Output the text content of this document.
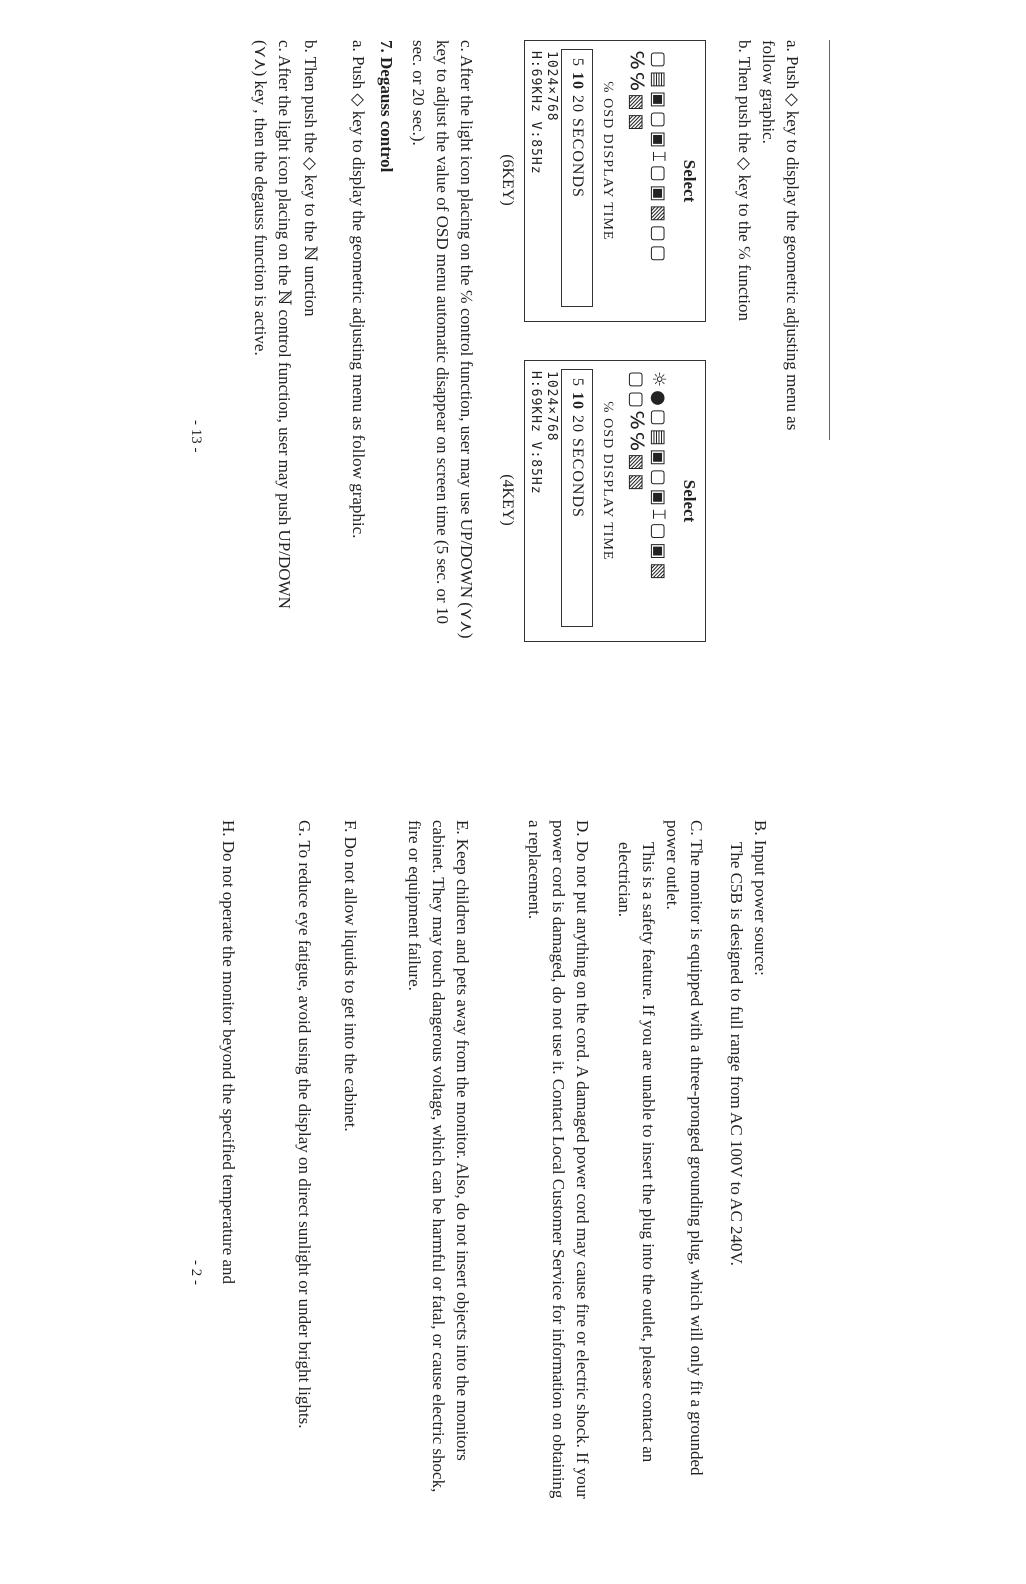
a. Push ◇ key to display the geometric adjusting menu as follow graphic.

b. Then push the ◇ key to the ℅ function

Select
▢▤▣▢▣⌶▢▣▧▢▢
℅℅▧▧
℅ OSD DISPLAY TIME
5 10 20 SECONDS
1024×768
H:69KHz V:85Hz
(6KEY)
Select
☼●▢▤▣▢▣⌶▢▣▧
▢▢℅℅▧▧
℅ OSD DISPLAY TIME
5 10 20 SECONDS
1024×768
H:69KHz V:85Hz
(4KEY)

c. After the light icon placing on the ℅ control function, user may use UP/DOWN (⋎⋏) key to adjust the value of OSD menu automatic disappear on screen time (5 sec. or 10 sec. or 20 sec.).

7. Degauss control

a. Push ◇ key to display the geometric adjusting menu as follow graphic.

b. Then push the ◇ key to the ℕ unction

c. After the light icon placing on the ℕ control function, user may push UP/DOWN (⋎⋏) key , then the degauss function is active.

- 13 -

B. Input power source:

The C5B is designed to full range from AC 100V to AC 240V.

C. The monitor is equipped with a three-pronged grounding plug, which will only fit a grounded power outlet.

This is a safety feature. If you are unable to insert the plug into the outlet, please contact an electrician.

D. Do not put anything on the cord. A damaged power cord may cause fire or electric shock. If your power cord is damaged, do not use it. Contact Local Customer Service for information on obtaining a replacement.

E. Keep children and pets away from the monitor. Also, do not insert objects into the monitors cabinet. They may touch dangerous voltage, which can be harmful or fatal, or cause electric shock, fire or equipment failure.

F. Do not allow liquids to get into the cabinet.

G. To reduce eye fatigue, avoid using the display on direct sunlight or under bright lights.

H. Do not operate the monitor beyond the specified temperature and

- 2 -
